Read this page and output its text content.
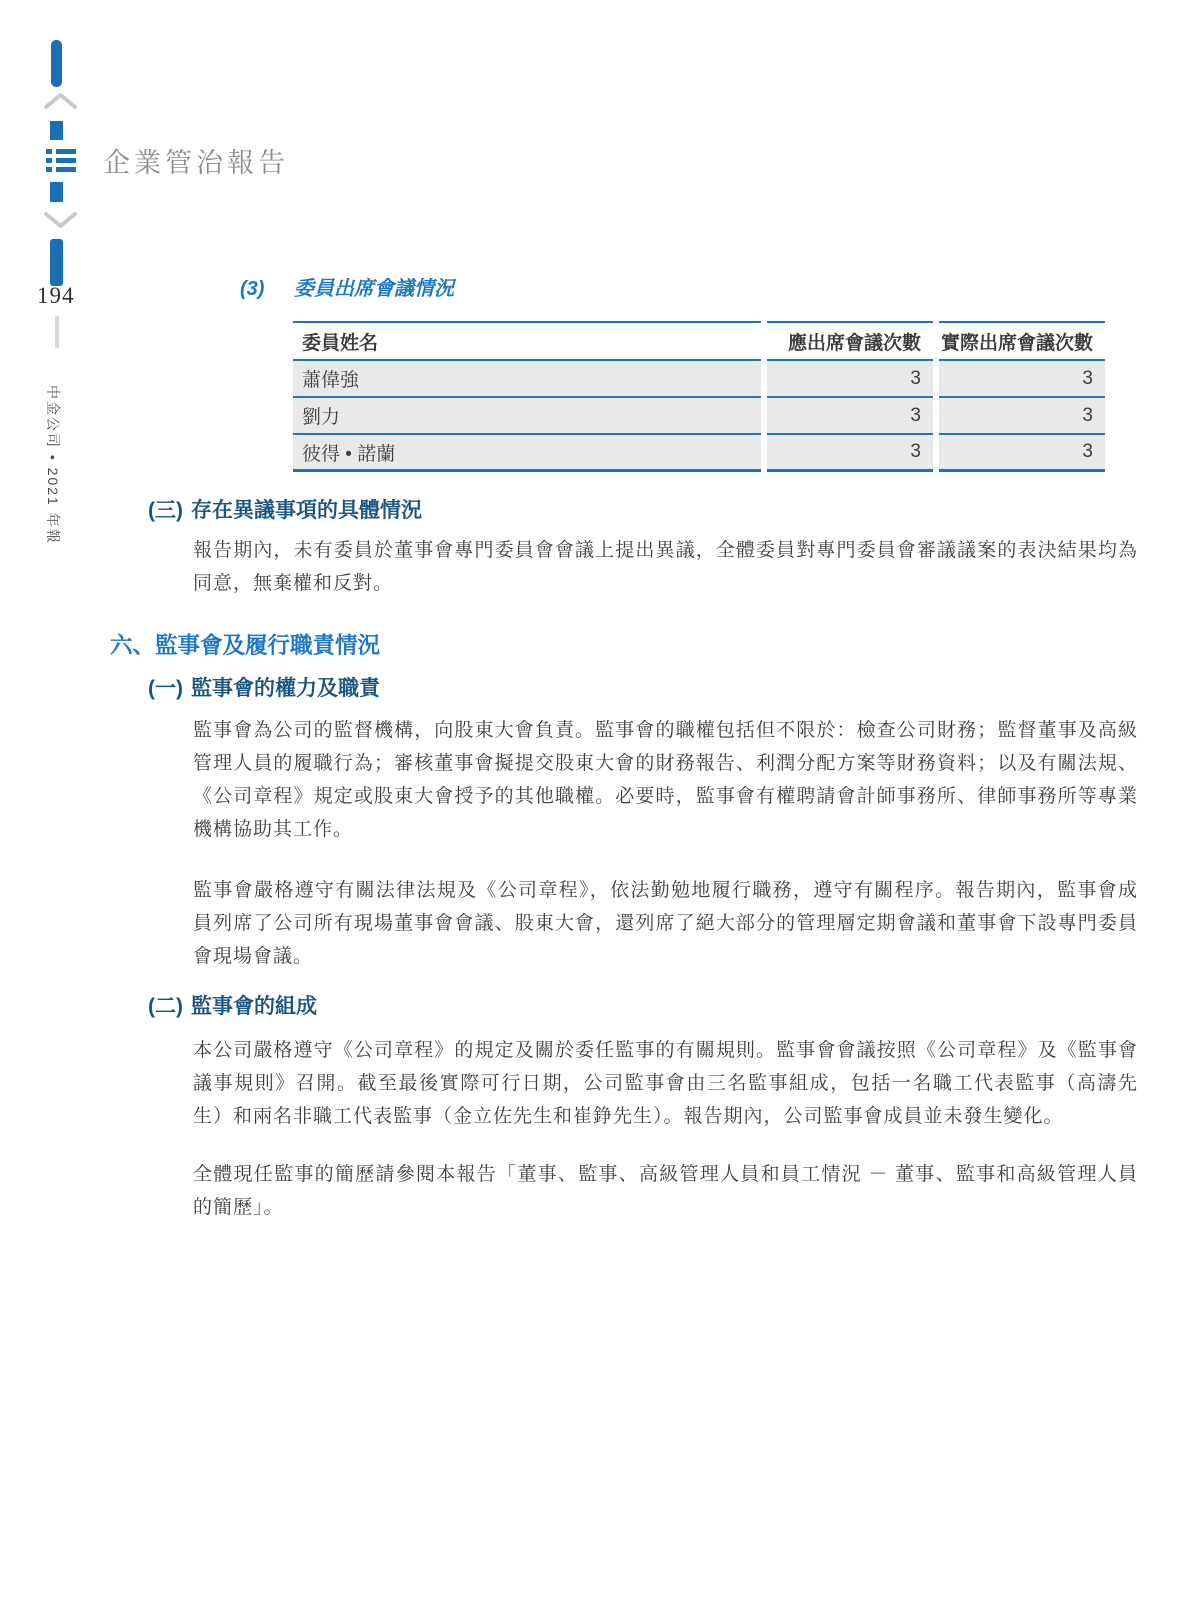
194
中金公司 • 2021 年報
企業管治報告
(3) 委員出席會議情況
委員姓名	應出席會議次數	實際出席會議次數
蕭偉強	3	3
劉力	3	3
彼得 • 諾蘭	3	3
(三) 存在異議事項的具體情況
報告期內，未有委員於董事會專門委員會會議上提出異議，全體委員對專門委員會審議議案的表決結果均為同意，無棄權和反對。
六、監事會及履行職責情況
(一) 監事會的權力及職責
監事會為公司的監督機構，向股東大會負責。監事會的職權包括但不限於：檢查公司財務；監督董事及高級管理人員的履職行為；審核董事會擬提交股東大會的財務報告、利潤分配方案等財務資料；以及有關法規、《公司章程》規定或股東大會授予的其他職權。必要時，監事會有權聘請會計師事務所、律師事務所等專業機構協助其工作。
監事會嚴格遵守有關法律法規及《公司章程》，依法勤勉地履行職務，遵守有關程序。報告期內，監事會成員列席了公司所有現場董事會會議、股東大會，還列席了絕大部分的管理層定期會議和董事會下設專門委員會現場會議。
(二) 監事會的組成
本公司嚴格遵守《公司章程》的規定及關於委任監事的有關規則。監事會會議按照《公司章程》及《監事會議事規則》召開。截至最後實際可行日期，公司監事會由三名監事組成，包括一名職工代表監事（高濤先生）和兩名非職工代表監事（金立佐先生和崔錚先生）。報告期內，公司監事會成員並未發生變化。
全體現任監事的簡歷請參閱本報告「董事、監事、高級管理人員和員工情況 － 董事、監事和高級管理人員的簡歷」。
